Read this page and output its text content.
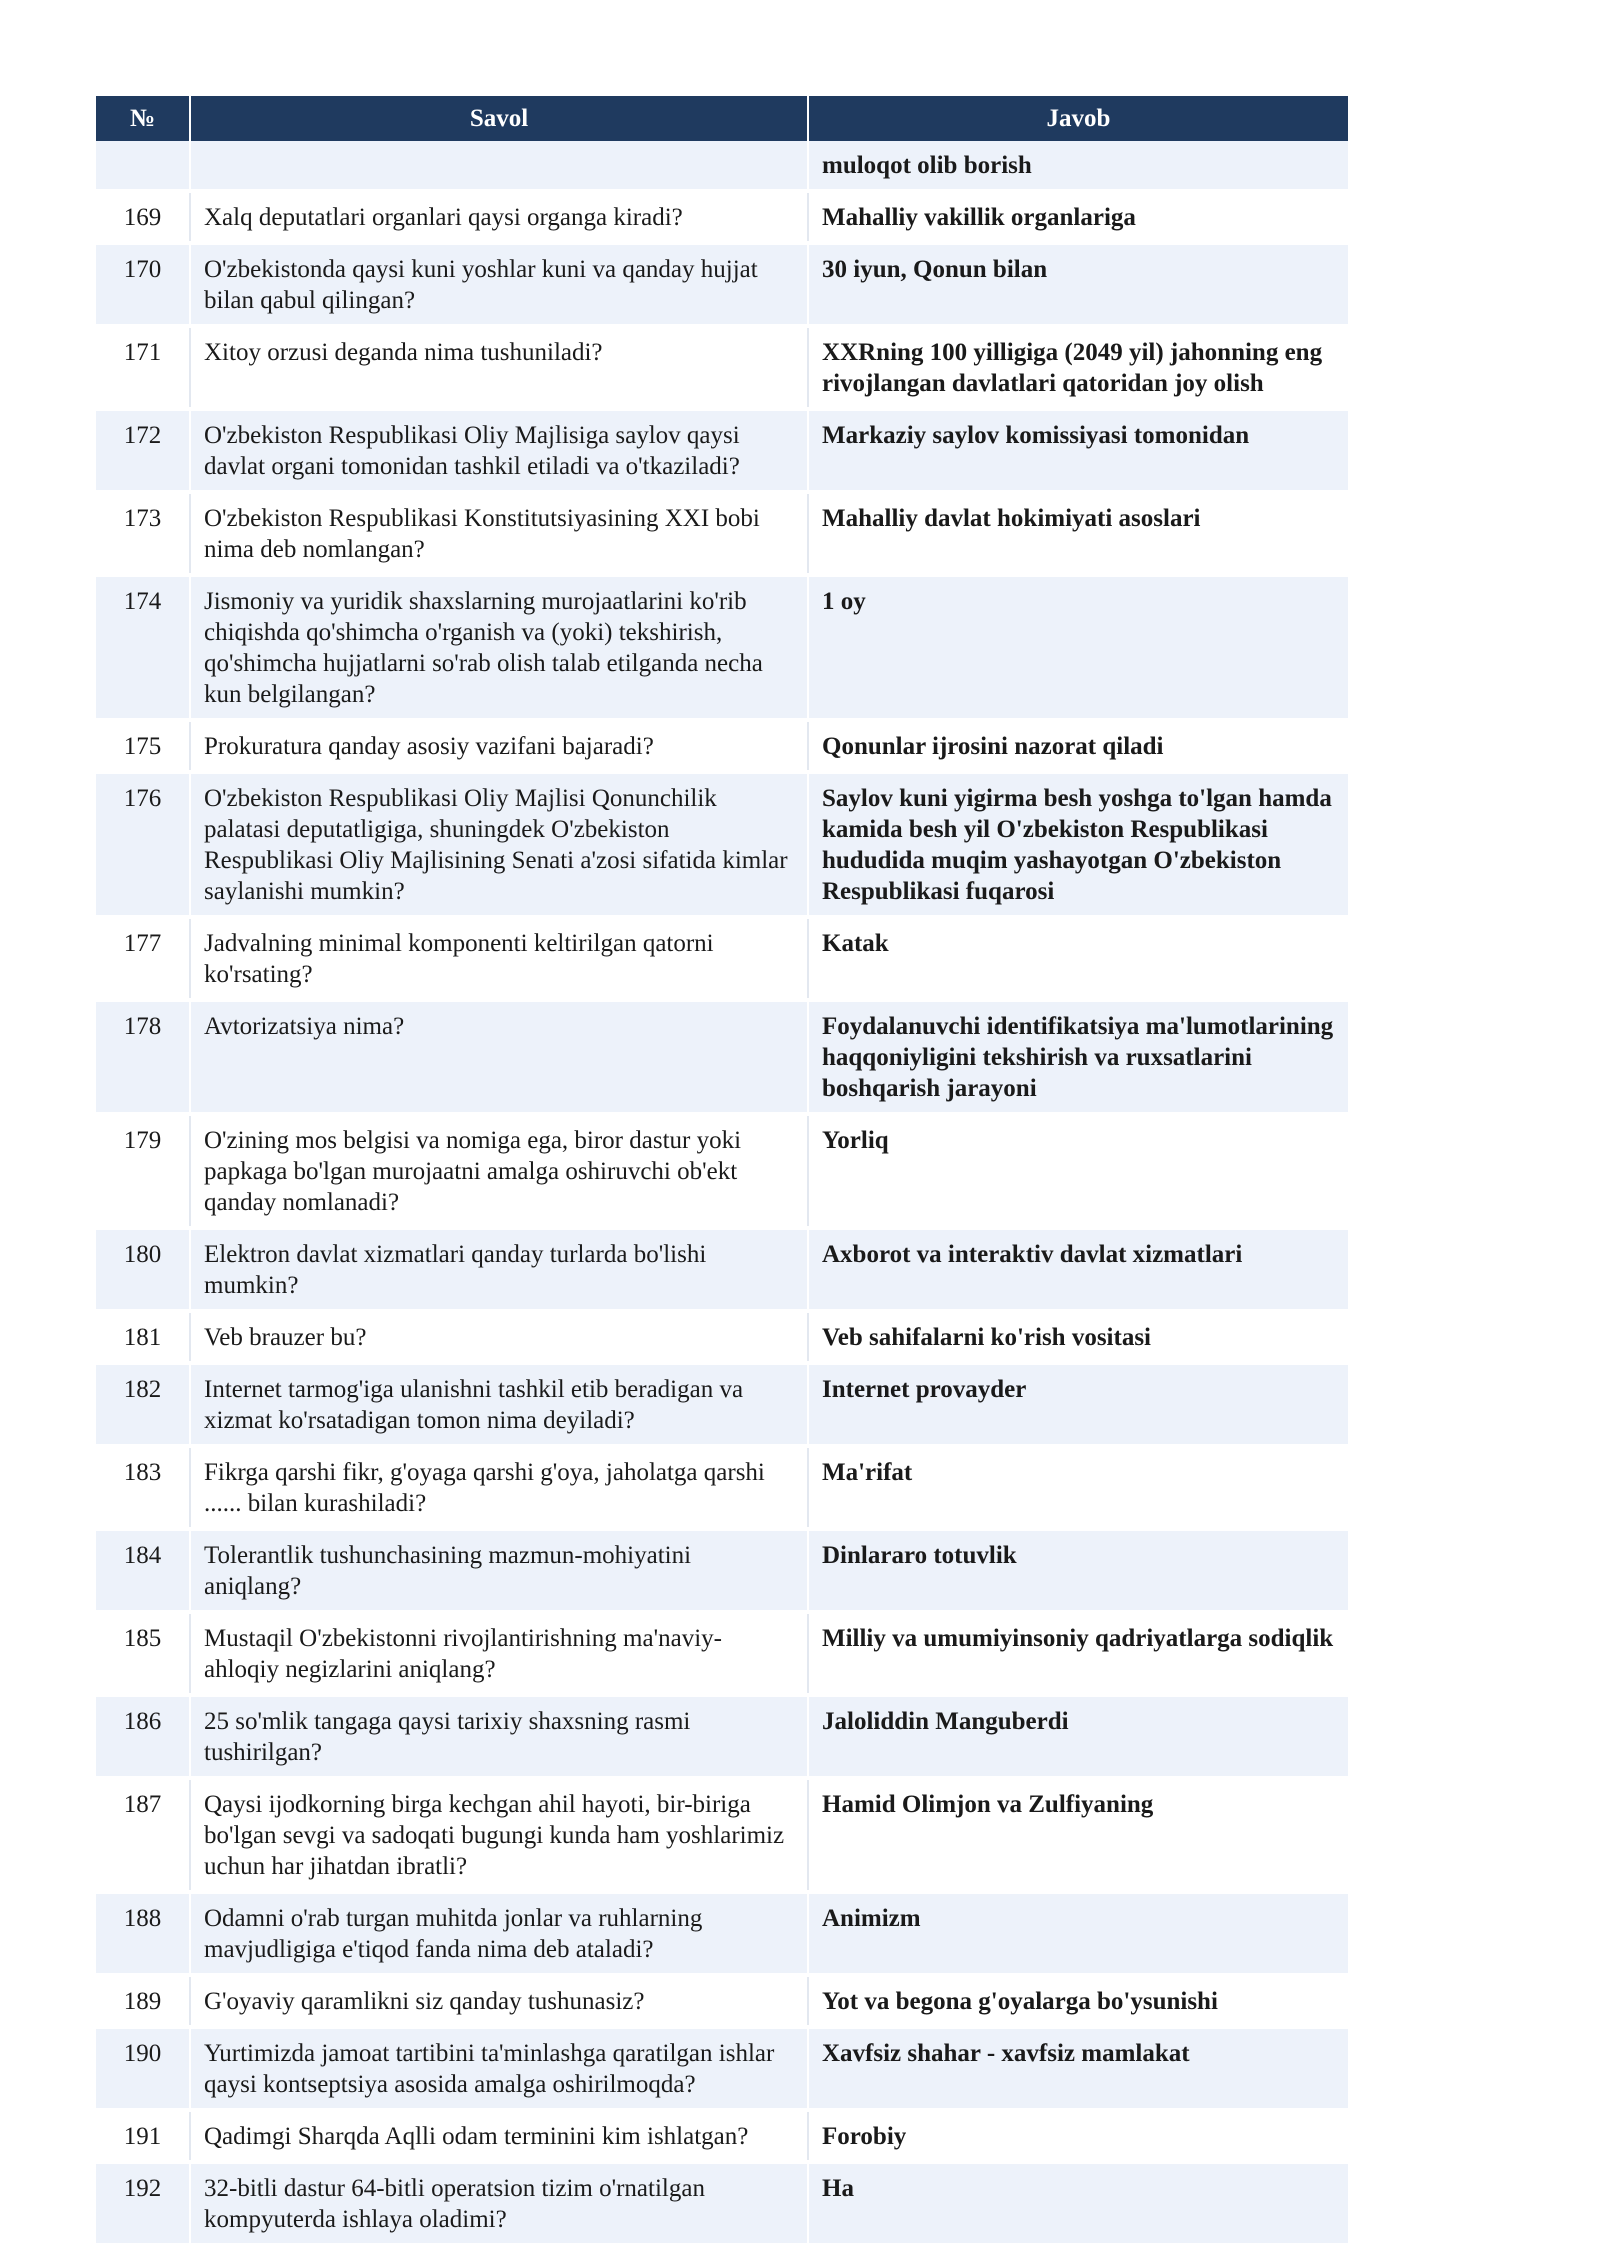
№	Savol	Javob
		muloqot olib borish
169	Xalq deputatlari organlari qaysi organga kiradi?	Mahalliy vakillik organlariga
170	O'zbekistonda qaysi kuni yoshlar kuni va qanday hujjat bilan qabul qilingan?	30 iyun, Qonun bilan
171	Xitoy orzusi deganda nima tushuniladi?	XXRning 100 yilligiga (2049 yil) jahonning eng rivojlangan davlatlari qatoridan joy olish
172	O'zbekiston Respublikasi Oliy Majlisiga saylov qaysi davlat organi tomonidan tashkil etiladi va o'tkaziladi?	Markaziy saylov komissiyasi tomonidan
173	O'zbekiston Respublikasi Konstitutsiyasining XXI bobi nima deb nomlangan?	Mahalliy davlat hokimiyati asoslari
174	Jismoniy va yuridik shaxslarning murojaatlarini ko'rib chiqishda qo'shimcha o'rganish va (yoki) tekshirish, qo'shimcha hujjatlarni so'rab olish talab etilganda necha kun belgilangan?	1 oy
175	Prokuratura qanday asosiy vazifani bajaradi?	Qonunlar ijrosini nazorat qiladi
176	O'zbekiston Respublikasi Oliy Majlisi Qonunchilik palatasi deputatligiga, shuningdek O'zbekiston Respublikasi Oliy Majlisining Senati a'zosi sifatida kimlar saylanishi mumkin?	Saylov kuni yigirma besh yoshga to'lgan hamda kamida besh yil O'zbekiston Respublikasi hududida muqim yashayotgan O'zbekiston Respublikasi fuqarosi
177	Jadvalning minimal komponenti keltirilgan qatorni ko'rsating?	Katak
178	Avtorizatsiya nima?	Foydalanuvchi identifikatsiya ma'lumotlarining haqqoniyligini tekshirish va ruxsatlarini boshqarish jarayoni
179	O'zining mos belgisi va nomiga ega, biror dastur yoki papkaga bo'lgan murojaatni amalga oshiruvchi ob'ekt qanday nomlanadi?	Yorliq
180	Elektron davlat xizmatlari qanday turlarda bo'lishi mumkin?	Axborot va interaktiv davlat xizmatlari
181	Veb brauzer bu?	Veb sahifalarni ko'rish vositasi
182	Internet tarmog'iga ulanishni tashkil etib beradigan va xizmat ko'rsatadigan tomon nima deyiladi?	Internet provayder
183	Fikrga qarshi fikr, g'oyaga qarshi g'oya, jaholatga qarshi ...... bilan kurashiladi?	Ma'rifat
184	Tolerantlik tushunchasining mazmun-mohiyatini aniqlang?	Dinlararo totuvlik
185	Mustaqil O'zbekistonni rivojlantirishning ma'naviy-ahloqiy negizlarini aniqlang?	Milliy va umumiyinsoniy qadriyatlarga sodiqlik
186	25 so'mlik tangaga qaysi tarixiy shaxsning rasmi tushirilgan?	Jaloliddin Manguberdi
187	Qaysi ijodkorning birga kechgan ahil hayoti, bir-biriga bo'lgan sevgi va sadoqati bugungi kunda ham yoshlarimiz uchun har jihatdan ibratli?	Hamid Olimjon va Zulfiyaning
188	Odamni o'rab turgan muhitda jonlar va ruhlarning mavjudligiga e'tiqod fanda nima deb ataladi?	Animizm
189	G'oyaviy qaramlikni siz qanday tushunasiz?	Yot va begona g'oyalarga bo'ysunishi
190	Yurtimizda jamoat tartibini ta'minlashga qaratilgan ishlar qaysi kontseptsiya asosida amalga oshirilmoqda?	Xavfsiz shahar - xavfsiz mamlakat
191	Qadimgi Sharqda Aqlli odam terminini kim ishlatgan?	Forobiy
192	32-bitli dastur 64-bitli operatsion tizim o'rnatilgan kompyuterda ishlaya oladimi?	Ha
